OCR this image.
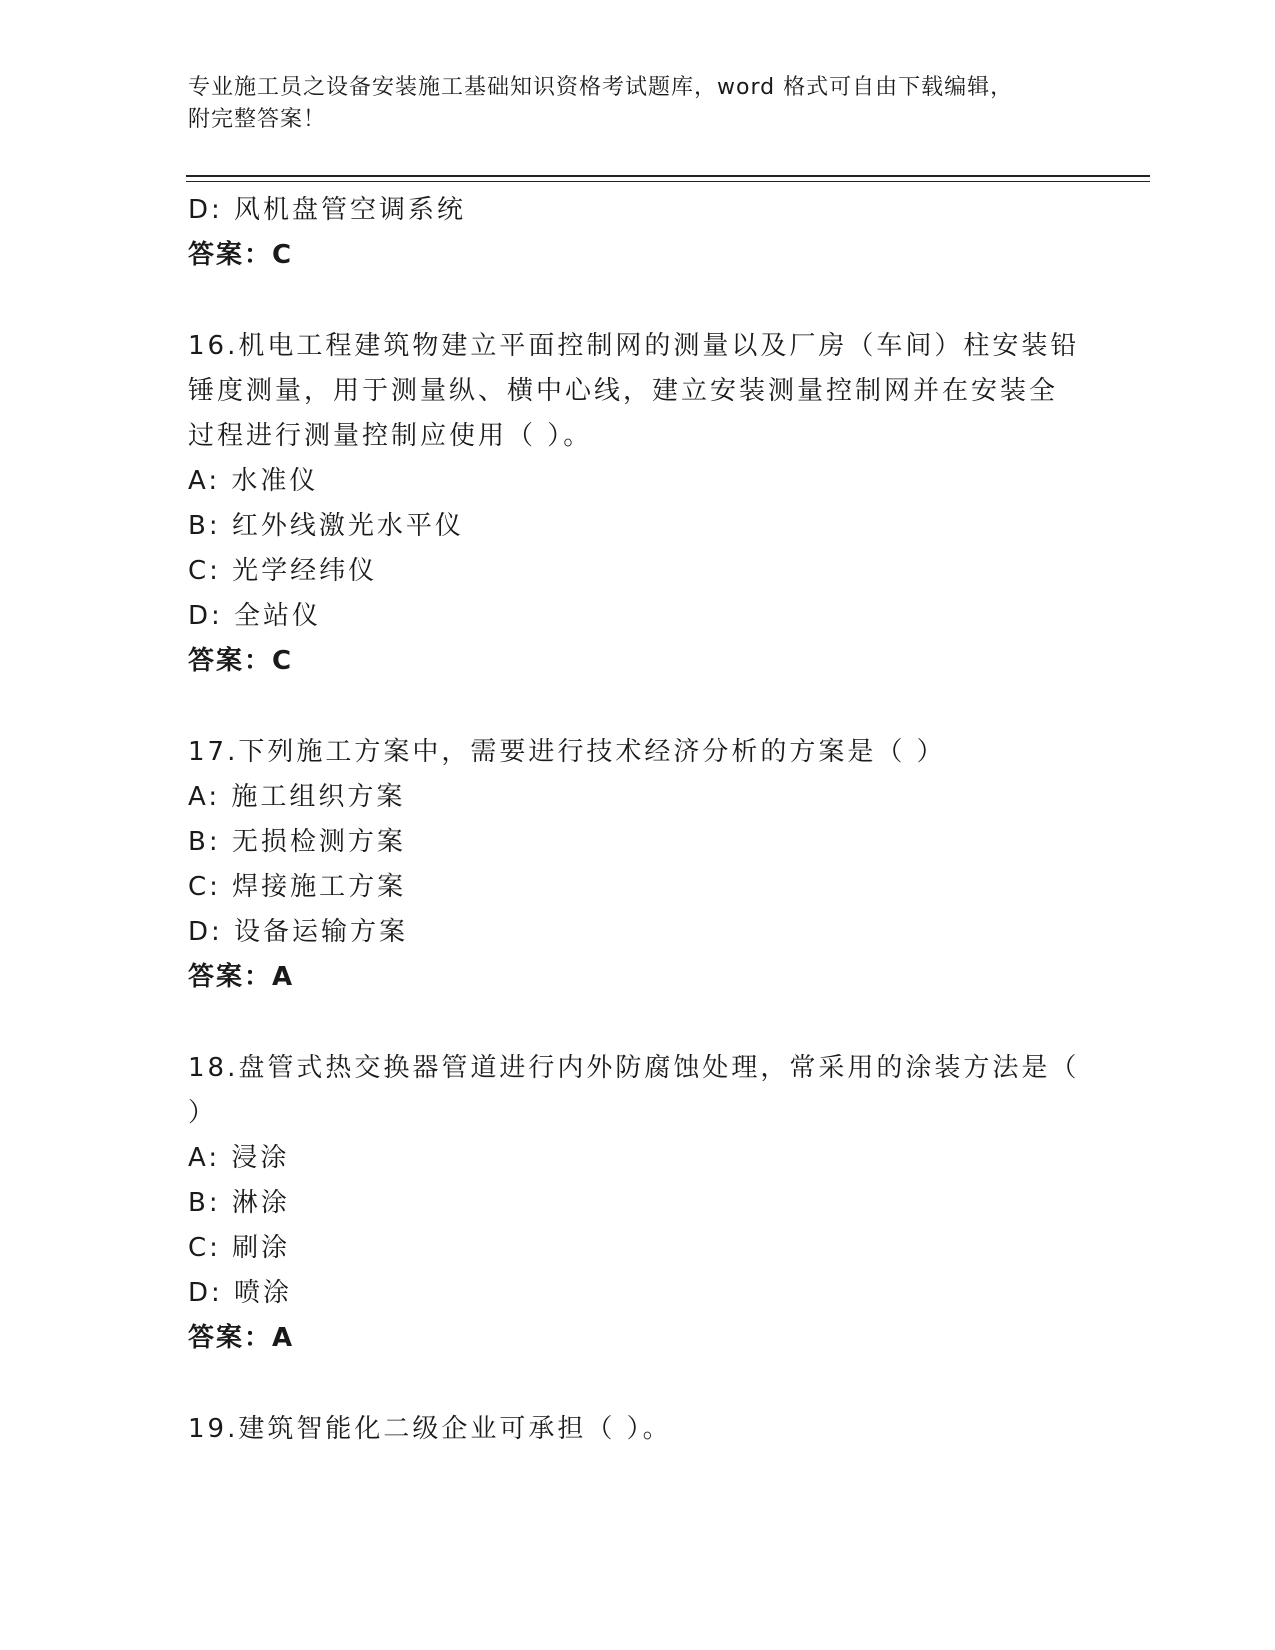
专业施工员之设备安装施工基础知识资格考试题库，word 格式可自由下载编辑，
附完整答案！
D: 风机盘管空调系统
答案：C
16.机电工程建筑物建立平面控制网的测量以及厂房（车间）柱安装铅
锤度测量，用于测量纵、横中心线，建立安装测量控制网并在安装全
过程进行测量控制应使用（ ）。
A: 水准仪
B: 红外线激光水平仪
C: 光学经纬仪
D: 全站仪
答案：C
17.下列施工方案中，需要进行技术经济分析的方案是（ ）
A: 施工组织方案
B: 无损检测方案
C: 焊接施工方案
D: 设备运输方案
答案：A
18.盘管式热交换器管道进行内外防腐蚀处理，常采用的涂装方法是（
）
A: 浸涂
B: 淋涂
C: 刷涂
D: 喷涂
答案：A
19.建筑智能化二级企业可承担（ ）。
